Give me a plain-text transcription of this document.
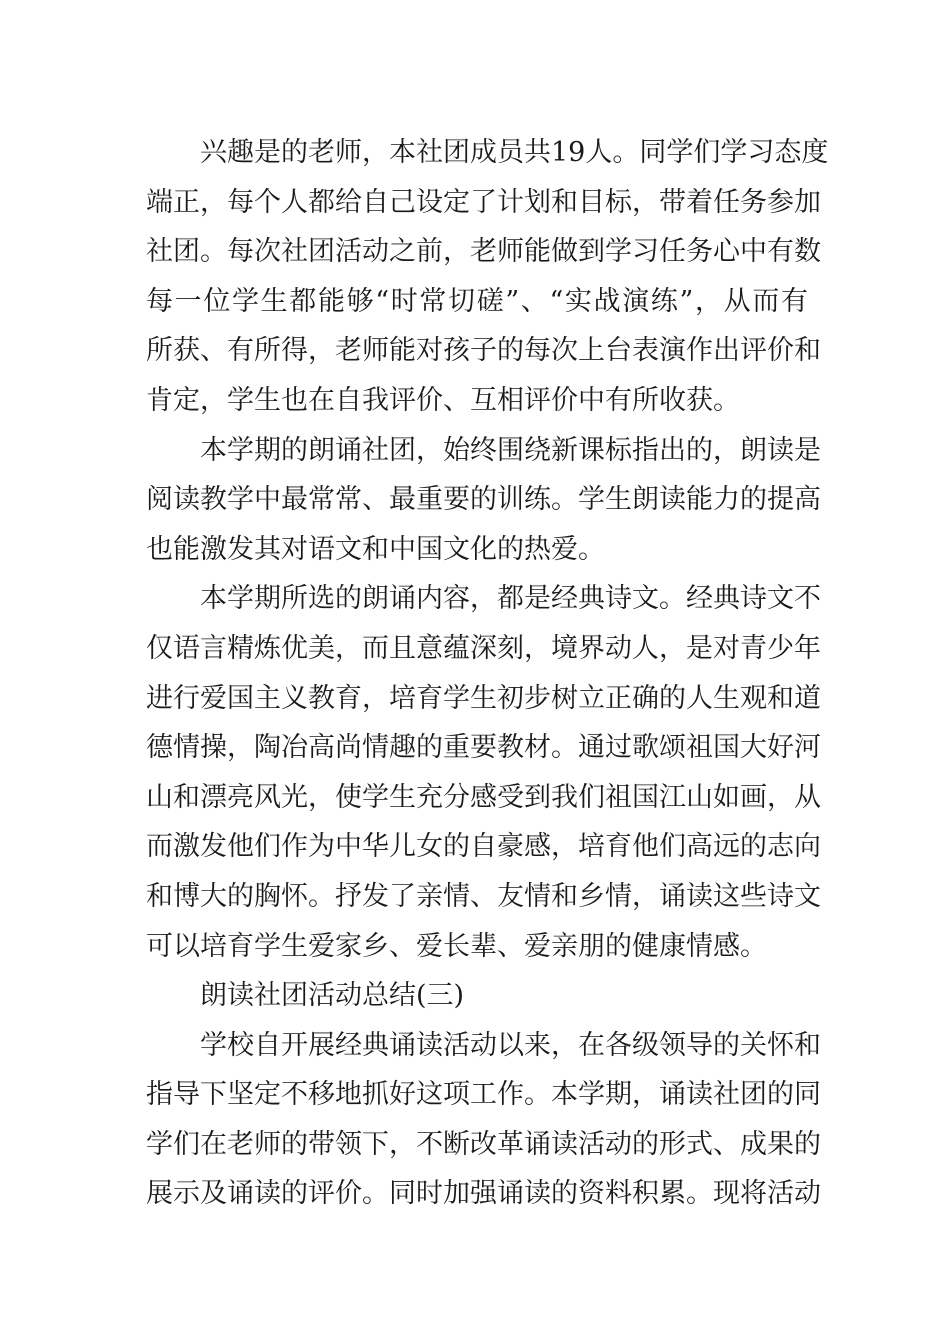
兴趣是的老师，本社团成员共19人。同学们学习态度
端正，每个人都给自己设定了计划和目标，带着任务参加
社团。每次社团活动之前，老师能做到学习任务心中有数
每一位学生都能够“时常切磋”、“实战演练”，从而有
所获、有所得，老师能对孩子的每次上台表演作出评价和
肯定，学生也在自我评价、互相评价中有所收获。

本学期的朗诵社团，始终围绕新课标指出的，朗读是
阅读教学中最常常、最重要的训练。学生朗读能力的提高
也能激发其对语文和中国文化的热爱。

本学期所选的朗诵内容，都是经典诗文。经典诗文不
仅语言精炼优美，而且意蕴深刻，境界动人，是对青少年
进行爱国主义教育，培育学生初步树立正确的人生观和道
德情操，陶冶高尚情趣的重要教材。通过歌颂祖国大好河
山和漂亮风光，使学生充分感受到我们祖国江山如画，从
而激发他们作为中华儿女的自豪感，培育他们高远的志向
和博大的胸怀。抒发了亲情、友情和乡情，诵读这些诗文
可以培育学生爱家乡、爱长辈、爱亲朋的健康情感。

朗读社团活动总结(三)

学校自开展经典诵读活动以来，在各级领导的关怀和
指导下坚定不移地抓好这项工作。本学期，诵读社团的同
学们在老师的带领下，不断改革诵读活动的形式、成果的
展示及诵读的评价。同时加强诵读的资料积累。现将活动
